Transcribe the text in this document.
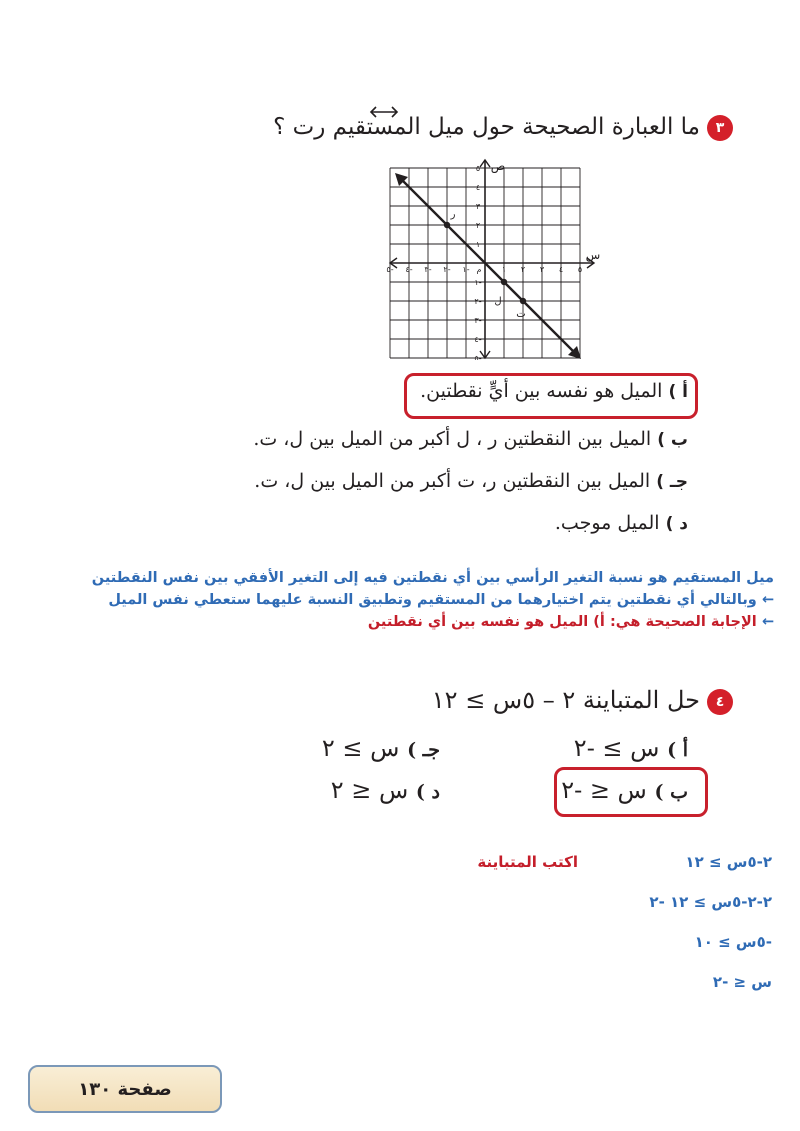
٣
ما العبارة الصحيحة حول ميل المستقيم رت ؟
ص
س
م
ر
ل
ت
٥- ٤- ٣- ٢- ١-	١ ٢ ٣ ٤ ٥
٥
٤
٣
٢
١
١-
٢-
٣-
٤-
٥-
أ ) الميل هو نفسه بين أيٍّ نقطتين.
ب ) الميل بين النقطتين ر ، ل أكبر من الميل بين ل، ت.
جـ ) الميل بين النقطتين ر، ت أكبر من الميل بين ل، ت.
د ) الميل موجب.
ميل المستقيم هو نسبة التغير الرأسي بين أي نقطتين فيه إلى التغير الأفقي بين نفس النقطتين
← وبالتالي أي نقطتين يتم اختيارهما من المستقيم وتطبيق النسبة عليهما ستعطي نفس الميل
← الإجابة الصحيحة هي: أ) الميل هو نفسه بين أي نقطتين
٤
حل المتباينة ٢ – ٥س ≥ ١٢
أ ) س ≥ -٢
جـ ) س ≥ ٢
ب ) س ≤ -٢
د ) س ≤ ٢
٢-٥س ≥ ١٢
اكتب المتباينة
٢-٢-٥س ≥ ١٢ -٢
-٥س ≥ ١٠
س ≤ -٢
صفحة ١٣٠
